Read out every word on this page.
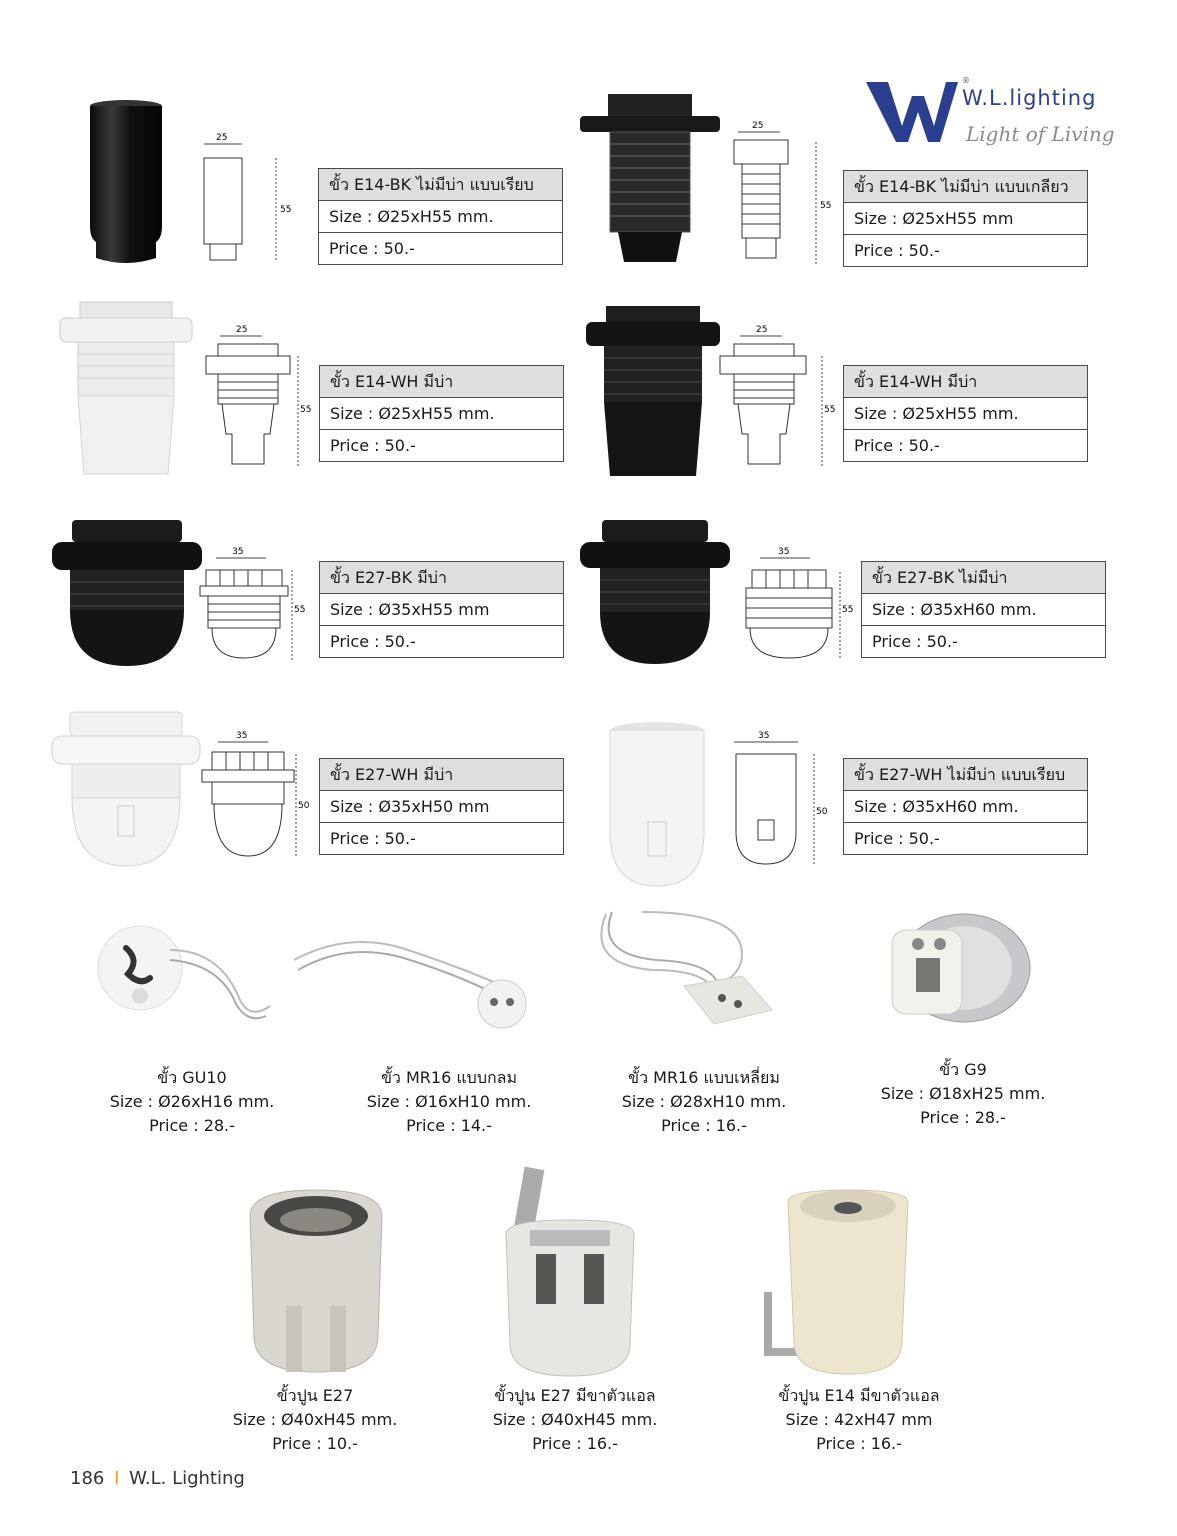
®
W.L.lighting
Light of Living
25
55
ขั้ว E14-BK ไม่มีบ่า แบบเรียบ
Size : Ø25xH55 mm.
Price : 50.-
25
55
ขั้ว E14-BK ไม่มีบ่า แบบเกลียว
Size : Ø25xH55 mm
Price : 50.-
25
55
ขั้ว E14-WH มีบ่า
Size : Ø25xH55 mm.
Price : 50.-
25
55
ขั้ว E14-WH มีบ่า
Size : Ø25xH55 mm.
Price : 50.-
35
55
ขั้ว E27-BK มีบ่า
Size : Ø35xH55 mm
Price : 50.-
35
55
ขั้ว E27-BK ไม่มีบ่า
Size : Ø35xH60 mm.
Price : 50.-
35
50
ขั้ว E27-WH มีบ่า
Size : Ø35xH50 mm
Price : 50.-
35
50
ขั้ว E27-WH ไม่มีบ่า แบบเรียบ
Size : Ø35xH60 mm.
Price : 50.-
ขั้ว GU10
Size : Ø26xH16 mm.
Price : 28.-
ขั้ว MR16 แบบกลม
Size : Ø16xH10 mm.
Price : 14.-
ขั้ว MR16 แบบเหลี่ยม
Size : Ø28xH10 mm.
Price : 16.-
ขั้ว G9
Size : Ø18xH25 mm.
Price : 28.-
ขั้วปูน E27
Size : Ø40xH45 mm.
Price : 10.-
ขั้วปูน E27 มีขาตัวแอล
Size : Ø40xH45 mm.
Price : 16.-
ขั้วปูน E14 มีขาตัวแอล
Size : 42xH47 mm
Price : 16.-
186 I W.L. Lighting
